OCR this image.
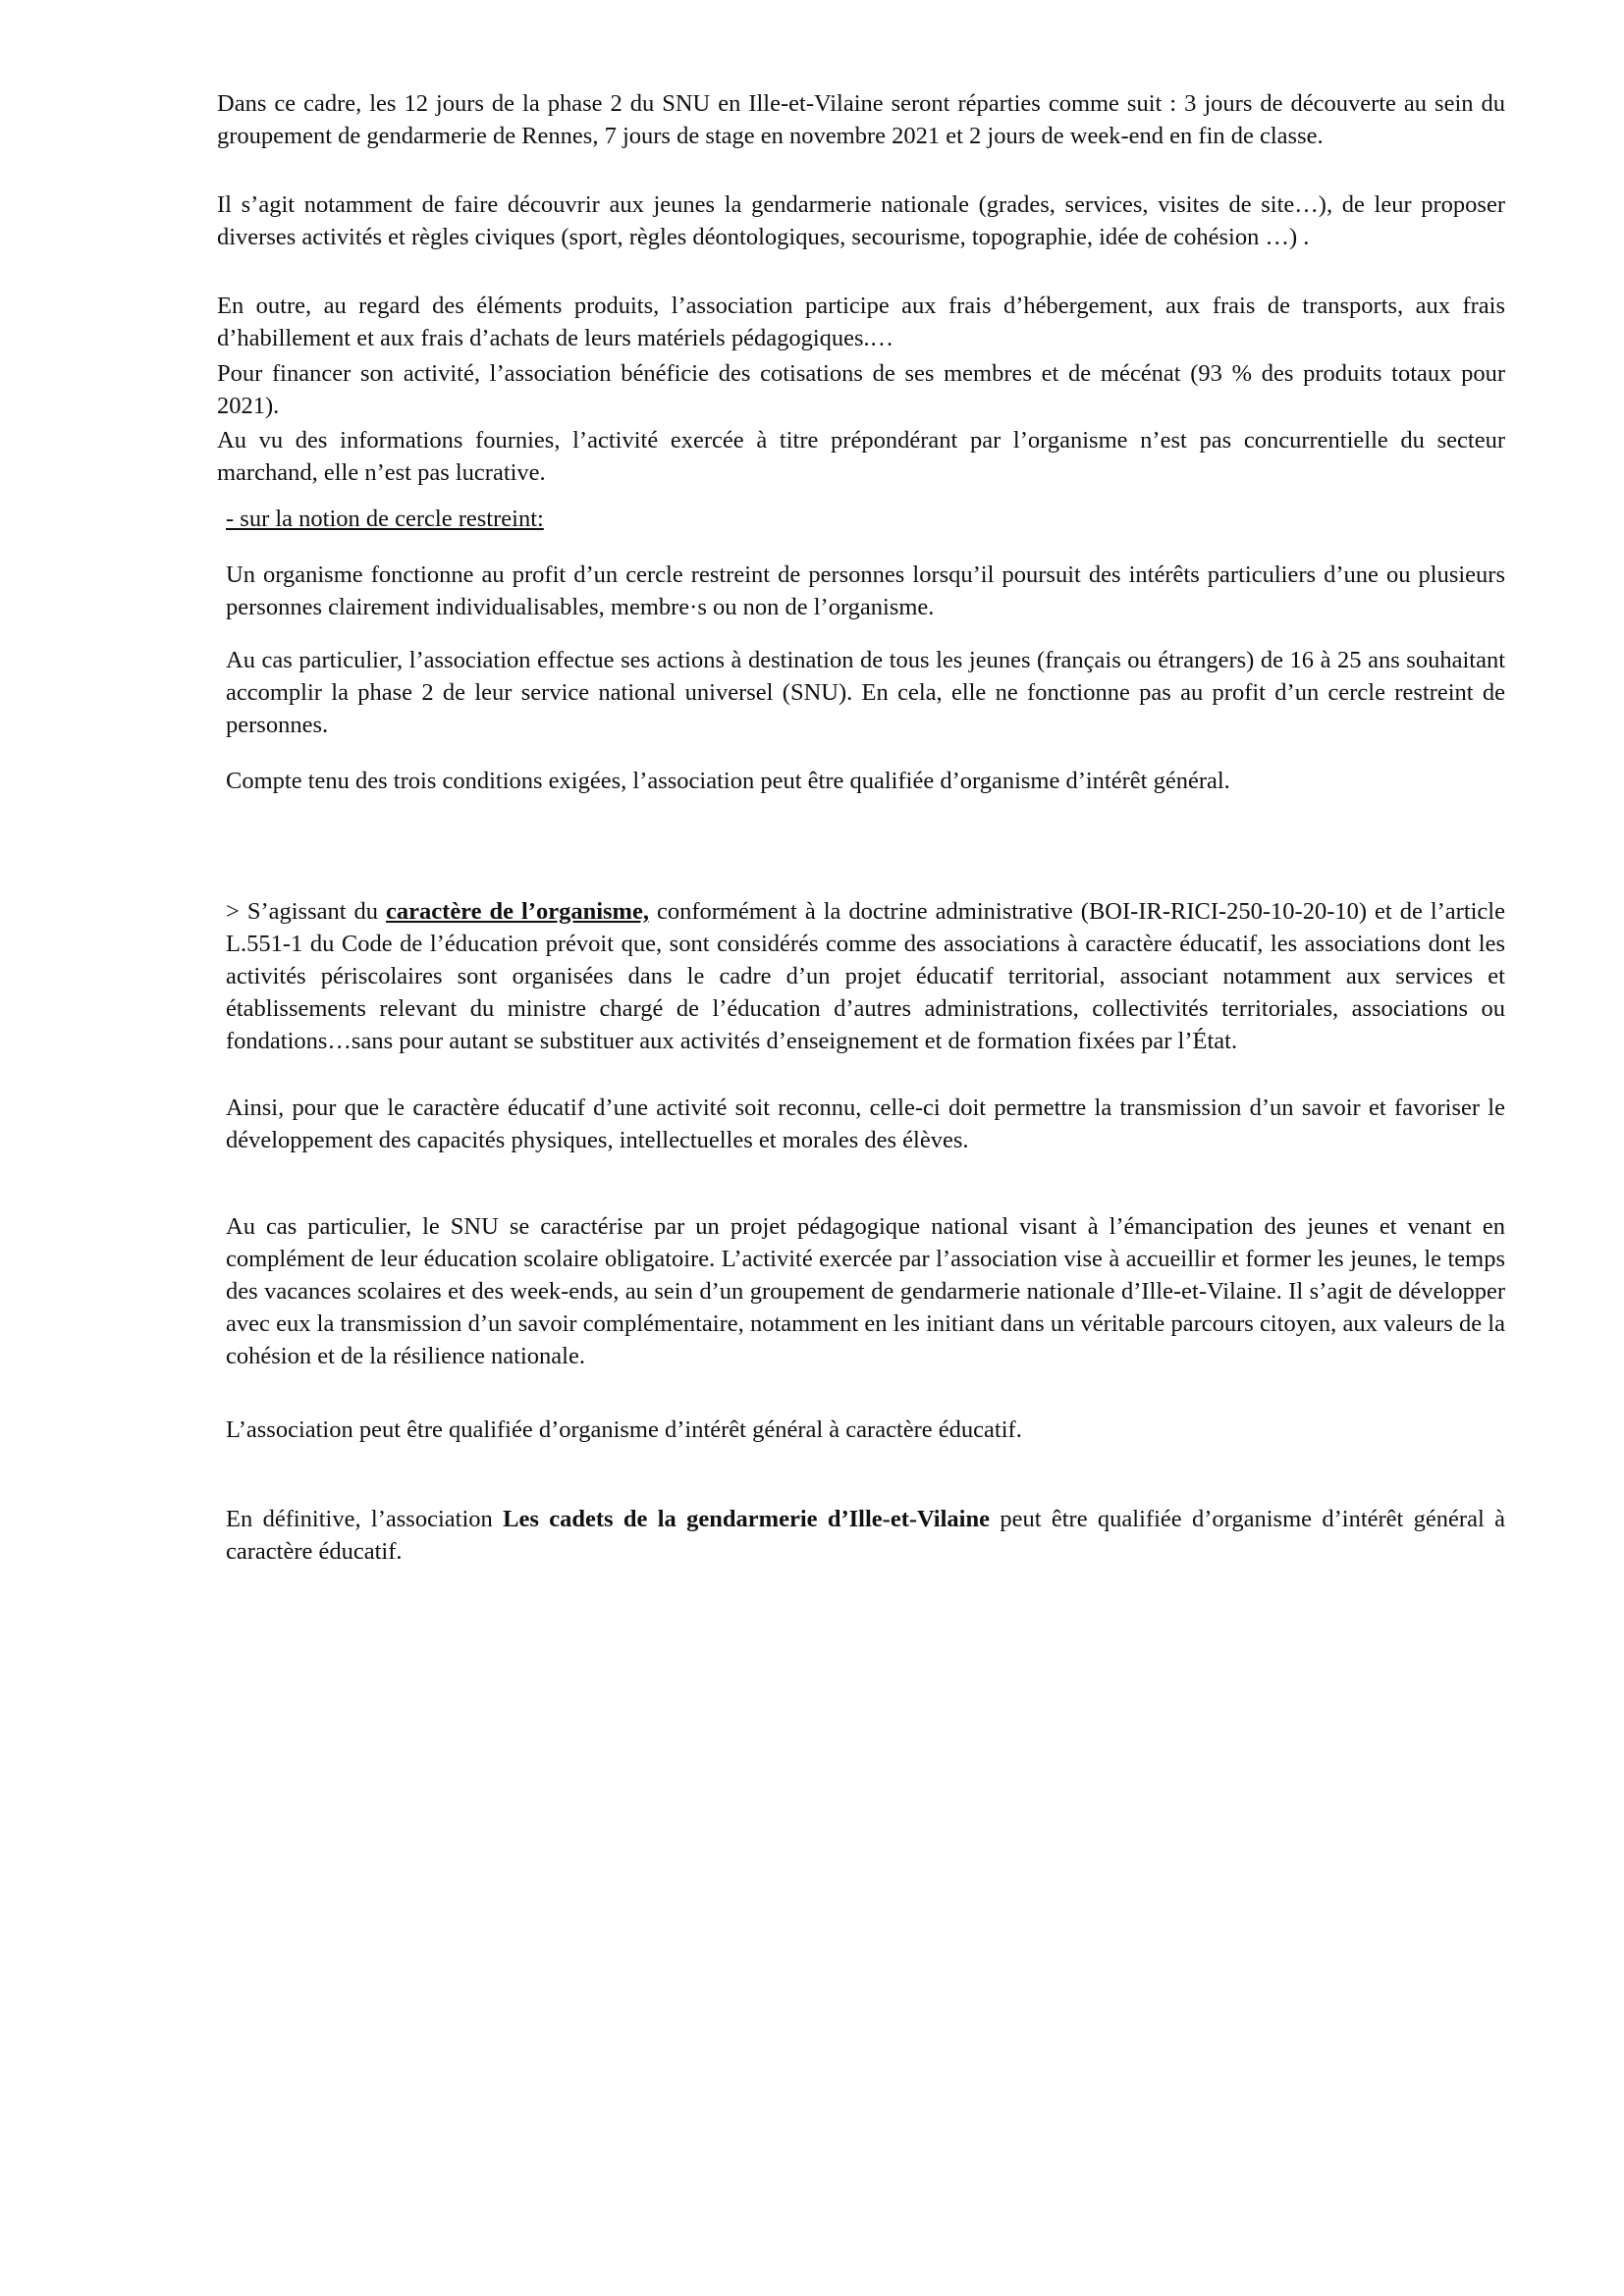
Dans ce cadre, les 12 jours de la phase 2 du SNU en Ille-et-Vilaine seront réparties comme suit : 3 jours de découverte au sein du groupement de gendarmerie de Rennes, 7 jours de stage en novembre 2021 et 2 jours de week-end en fin de classe.

Il s’agit notamment de faire découvrir aux jeunes la gendarmerie nationale (grades, services, visites de site…), de leur proposer diverses activités et règles civiques (sport, règles déontologiques, secourisme, topographie, idée de cohésion …) .

En outre, au regard des éléments produits, l’association participe aux frais d’hébergement, aux frais de transports, aux frais d’habillement et aux frais d’achats de leurs matériels pédagogiques.…

Pour financer son activité, l’association bénéficie des cotisations de ses membres et de mécénat (93 % des produits totaux pour 2021).

Au vu des informations fournies, l’activité exercée à titre prépondérant par l’organisme n’est pas concurrentielle du secteur marchand, elle n’est pas lucrative.

- sur la notion de cercle restreint:

Un organisme fonctionne au profit d’un cercle restreint de personnes lorsqu’il poursuit des intérêts particuliers d’une ou plusieurs personnes clairement individualisables, membre·s ou non de l’organisme.

Au cas particulier, l’association effectue ses actions à destination de tous les jeunes (français ou étrangers) de 16 à 25 ans souhaitant accomplir la phase 2 de leur service national universel (SNU). En cela, elle ne fonctionne pas au profit d’un cercle restreint de personnes.

Compte tenu des trois conditions exigées, l’association peut être qualifiée d’organisme d’intérêt général.

> S’agissant du caractère de l’organisme, conformément à la doctrine administrative (BOI-IR-RICI-250-10-20-10) et de l’article L.551-1 du Code de l’éducation prévoit que, sont considérés comme des associations à caractère éducatif, les associations dont les activités périscolaires sont organisées dans le cadre d’un projet éducatif territorial, associant notamment aux services et établissements relevant du ministre chargé de l’éducation d’autres administrations, collectivités territoriales, associations ou fondations…sans pour autant se substituer aux activités d’enseignement et de formation fixées par l’État.

Ainsi, pour que le caractère éducatif d’une activité soit reconnu, celle-ci doit permettre la transmission d’un savoir et favoriser le développement des capacités physiques, intellectuelles et morales des élèves.

Au cas particulier, le SNU se caractérise par un projet pédagogique national visant à l’émancipation des jeunes et venant en complément de leur éducation scolaire obligatoire. L’activité exercée par l’association vise à accueillir et former les jeunes, le temps des vacances scolaires et des week-ends, au sein d’un groupement de gendarmerie nationale d’Ille-et-Vilaine. Il s’agit de développer avec eux la transmission d’un savoir complémentaire, notamment en les initiant dans un véritable parcours citoyen, aux valeurs de la cohésion et de la résilience nationale.

L’association peut être qualifiée d’organisme d’intérêt général à caractère éducatif.

En définitive, l’association Les cadets de la gendarmerie d’Ille-et-Vilaine peut être qualifiée d’organisme d’intérêt général à caractère éducatif.
